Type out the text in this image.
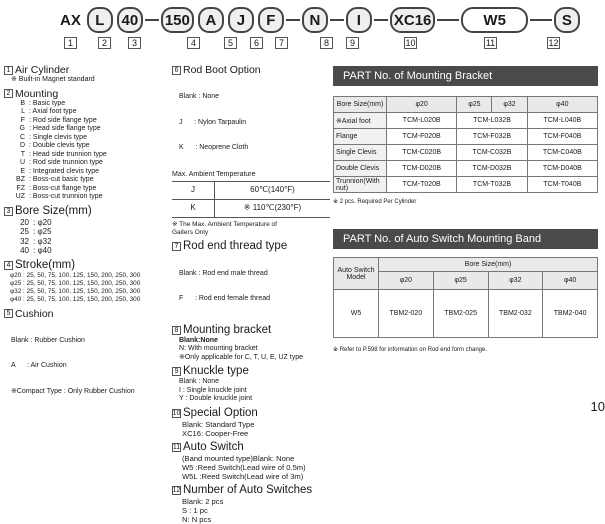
AX L	40	150	A	J	F	N	I	XC16	W5	S
1	2	3	4	5	6	7	8	9	10	11	12
1 Air Cylinder
※ Built-in Magnet standard
2 Mounting
B : Basic type
L : Axial foot type
F : Rod side flange type
G : Head side flange type
C : Single clevis type
D : Double clevis type
T : Head side trunnion type
U : Rod side trunnion type
E : Integrated clevis type
BZ : Boss-cut basic type
FZ : Boss-cut flange type
UZ : Boss-cut trunnion type
3 Bore Size(mm)
20 : φ20
25 : φ25
32 : φ32
40 : φ40
4 Stroke(mm)
φ20 : 25, 50, 75, 100, 125, 150, 200, 250, 300
φ25 : 25, 50, 75, 100, 125, 150, 200, 250, 300
φ32 : 25, 50, 75, 100, 125, 150, 200, 250, 300
φ40 : 25, 50, 75, 100, 125, 150, 200, 250, 300
5 Cushion

Blank : Rubber Cushion

A      : Air Cushion

※Compact Type : Only Rubber Cushion

6 Rod Boot Option

Blank : None

J      : Nylon Tarpaulin

K      : Neoprene Cloth

Max. Ambient Temperature
J	60℃(140°F)
K	※ 110℃(230°F)
※ The Max. Ambient Temperature of Gaiters Only
7 Rod end thread type

Blank : Rod end male thread

F      : Rod end female thread

8 Mounting bracket
Blank:None
N: With mounting bracket
※Only applicable for C, T, U, E, UZ type
9 Knuckle type
Blank : None
I : Single knuckle joint
Y : Double knuckle joint
10 Special Option
Blank: Standard Type
XC16: Cooper-Free
11 Auto Switch
(Band mounted type)Blank: None
W5 :Reed Switch(Lead wire of 0.5m)
W5L :Reed Switch(Lead wire of 3m)
12 Number of Auto Switches
Blank: 2 pcs
S : 1 pc
N: N pcs
PART No. of Mounting Bracket
Bore Size(mm)	φ20	φ25	φ32	φ40
※Axial foot	TCM-L020B	TCM-L032B		TCM-L040B
Flange	TCM-F020B	TCM-F032B		TCM-F040B
Single Clevis	TCM-C020B	TCM-C032B		TCM-C040B
Double Clevis	TCM-D020B	TCM-D032B		TCM-D040B
Trunnion(With nut)	TCM-T020B	TCM-T032B		TCM-T040B
※ 2 pcs. Required Per Cylinder
PART No. of Auto Switch Mounting Band
Auto Switch Model	Bore Size(mm)			
	φ20	φ25	φ32	φ40
W5	TBM2-020	TBM2-025	TBM2-032	TBM2-040
※ Refer to P.598 for information on Rod end form change.
10
